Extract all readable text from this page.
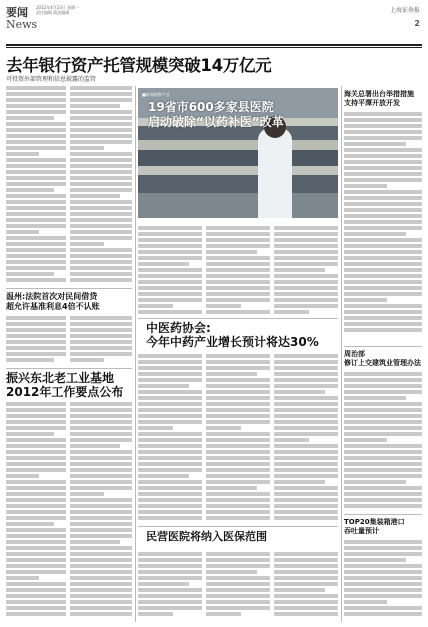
要闻 2012年4月23日 星期一
责任编辑 版面编辑	上海证券报
News	2
去年银行资产托管规模突破14万亿元
可投资外部管理和信息披露的监管
温州:法院首次对民间借贷
超允许基准利息4倍不认账
振兴东北老工业基地
2012年工作要点公布
■新闻观察产业
19省市600多家县医院
启动破除“以药补医”改革
中医药协会:
今年中药产业增长预计将达30%
民营医院将纳入医保范围
海关总署出台举措措施
支持平潭开放开发
周治部
修订上交建筑业管理办法
TOP20集装箱港口
吞吐量预计
